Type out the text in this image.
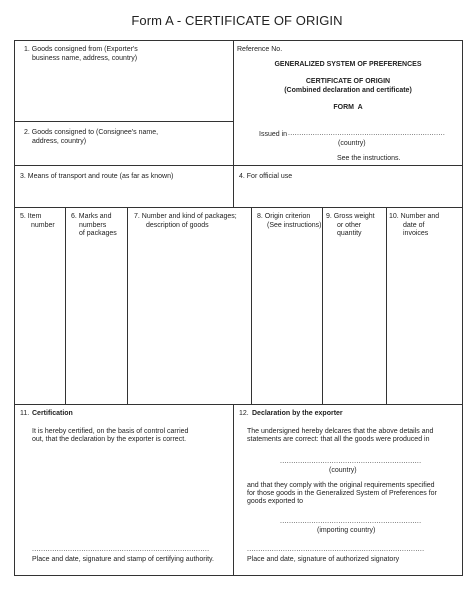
Form A - CERTIFICATE OF ORIGIN
1. Goods consigned from (Exporter's
business name, address, country)
2. Goods consigned to (Consignee's name,
address, country)
Reference No.
GENERALIZED SYSTEM OF PREFERENCES
CERTIFICATE OF ORIGIN
(Combined declaration and certificate)
FORM  A
Issued in ......................................................................
(country)
See the instructions.
3. Means of transport and route (as far as known)	4. For official use
5. Item
number
6. Marks and
numbers
of packages
7. Number and kind of packages;
description of goods
8. Origin criterion
(See instructions)
9. Gross weight
or other
quantity
10. Number and
date of
invoices
11. Certification
It is hereby certified, on the basis of control carried
out, that the declaration by the exporter is correct.
...............................................................................
Place and date, signature and stamp of certifying authority.
12. Declaration by the exporter
The undersigned hereby delcares that the above details and
statements are correct: that all the goods were produced in
...............................................................
(country)
and that they comply with the original requirements specified
for those goods in the Generalized System of Preferences for
goods exported to
...............................................................
(importing country)
...............................................................................
Place and date, signature of authorized signatory
